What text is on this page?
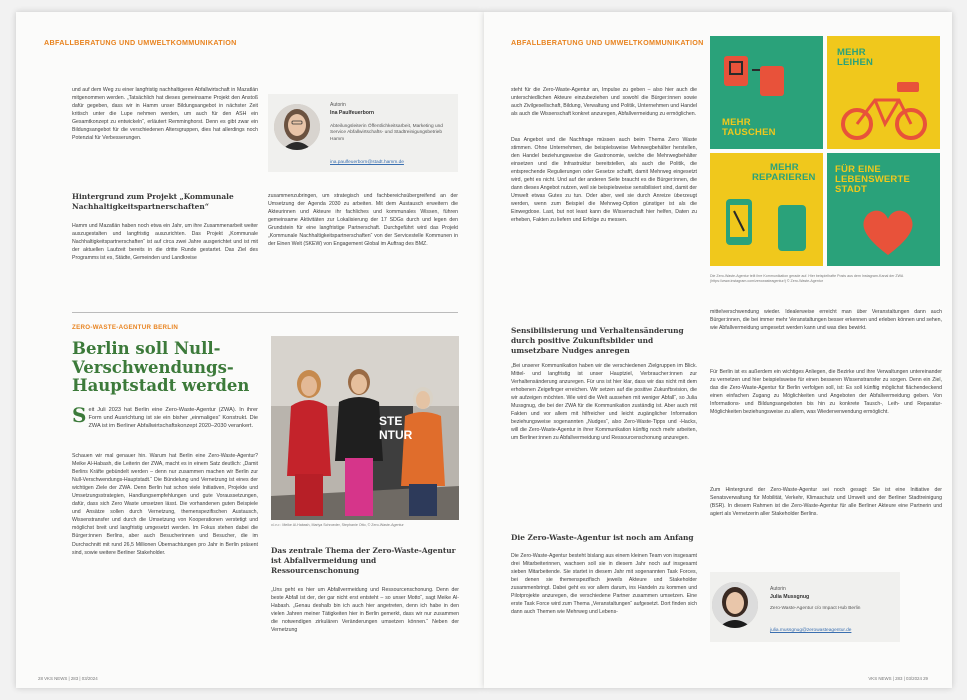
ABFALLBERATUNG UND UMWELTKOMMUNIKATION
und auf dem Weg zu einer langfristig nachhaltigeren Abfallwirtschaft in Mazatlán mitgenommen werden. „Tatsächlich hat dieses gemeinsame Projekt den Anstoß dafür gegeben, dass wir in Hamm unser Bildungsangebot in nächster Zeit kritisch unter die Lupe nehmen werden, um auch für den ASH ein Gesamtkonzept zu entwickeln“, erläutert Remminghorst. Denn es gibt zwar ein Bildungsangebot für die verschiedenen Altersgruppen, dies hat allerdings noch Potenzial für Verbesserungen.
Hintergrund zum Projekt „Kommunale Nachhaltigkeitspartnerschaften“
Hamm und Mazatlán haben noch etwa ein Jahr, um ihre Zusammenarbeit weiter auszugestalten und langfristig auszurichten. Das Projekt „Kommunale Nachhaltigkeitspartnerschaften“ ist auf circa zwei Jahre ausgerichtet und ist mit der aktuellen Laufzeit bereits in die dritte Runde gestartet. Das Ziel des Programms ist es, Städte, Gemeinden und Landkreise
Autorin
Ina Paulfeuerborn
Abteilungsleiterin Öffentlichkeitsarbeit, Marketing und Service Abfallwirtschafts- und Stadtreinigungsbetrieb Hamm
ina.paulfeuerborn@stadt.hamm.de
zusammenzubringen, um strategisch und fachbereichsübergreifend an der Umsetzung der Agenda 2030 zu arbeiten. Mit dem Austausch erweitern die Akteurinnen und Akteure ihr fachliches und kommunales Wissen, führen gemeinsame Aktivitäten zur Lokalisierung der 17 SDGs durch und legen den Grundstein für eine langfristige Partnerschaft. Durchgeführt wird das Projekt „Kommunale Nachhaltigkeitspartnerschaften“ von der Servicestelle Kommunen in der Einen Welt (SKEW) von Engagement Global im Auftrag des BMZ.
ZERO-WASTE-AGENTUR BERLIN
Berlin soll Null-Verschwendungs-Hauptstadt werden
Seit Juli 2023 hat Berlin eine Zero-Waste-Agentur (ZWA). In ihrer Form und Ausrichtung ist sie ein bisher „einmaliges“ Konstrukt. Die ZWA ist im Berliner Abfallwirtschaftskonzept 2020–2030 verankert.
Schauen wir mal genauer hin. Warum hat Berlin eine Zero-Waste-Agentur? Meike Al-Habash, die Leiterin der ZWA, macht es in einem Satz deutlich: „Damit Berlins Kräfte gebündelt werden – denn nur zusammen machen wir Berlin zur Null-Verschwendungs-Hauptstadt.“ Die Bündelung und Vernetzung ist eines der wichtigen Ziele der ZWA. Denn Berlin hat schon viele Initiativen, Projekte und Umsetzungsstrategien, Handlungsempfehlungen und gute Voraussetzungen, dafür, dass sich Zero Waste umsetzen lässt. Die vorhandenen guten Beispiele und Ansätze sollen durch Vernetzung, themenspezifischen Austausch, Wissenstransfer und durch die Umsetzung von Kooperationen verstetigt und möglichst breit und langfristig umgesetzt werden. Im Fokus stehen dabei die Bürger:innen Berlins, aber auch Besucherinnen und Besucher, die im Durchschnitt mit rund 26,5 Millionen Übernachtungen pro Jahr in Berlin präsent sind, sowie weitere Berliner Stakeholder.
STE
NTUR
v.l.n.r.: Meike Al-Habash, Mariya Schroeder, Stephanie Otto, © Zero-Waste-Agentur
Das zentrale Thema der Zero-Waste-Agentur ist Abfallvermeidung und Ressourcenschonung
„Uns geht es hier um Abfallvermeidung und Ressourcenschonung. Denn der beste Abfall ist der, der gar nicht erst entsteht – so unser Motto“, sagt Meike Al-Habash. „Genau deshalb bin ich auch hier angetreten, denn ich habe in den vielen Jahren meiner Tätigkeiten hier in Berlin gemerkt, dass wir nur zusammen die notwendigen zirkulären Veränderungen umsetzen können.“ Neben der Vernetzung
28 VKS NEWS | 283 | 03/2024
ABFALLBERATUNG UND UMWELTKOMMUNIKATION
steht für die Zero-Waste-Agentur an, Impulse zu geben – also hier auch die unterschiedlichen Akteure einzubeziehen und sowohl die Bürger:innen sowie auch Zivilgesellschaft, Bildung, Verwaltung und Politik, Unternehmen und Handel als auch die Wissenschaft konkret anzuregen, Abfallvermeidung zu ermöglichen.
Das Angebot und die Nachfrage müssen auch beim Thema Zero Waste stimmen. Ohne Unternehmen, die beispielsweise Mehrwegbehälter herstellen, den Handel beziehungsweise die Gastronomie, welche die Mehrwegbehälter einsetzen und die Infrastruktur bereitstellen, als auch die Politik, die entsprechende Regulierungen oder Gesetze schafft, damit Mehrweg eingesetzt wird, geht es nicht. Und auf der anderen Seite braucht es die Bürger:innen, die dann dieses Angebot nutzen, weil sie beispielsweise sensibilisiert sind, damit der Umwelt etwas Gutes zu tun. Oder aber, weil sie durch Anreize überzeugt werden, wenn zum Beispiel die Mehrweg-Option günstiger ist als die Einwegdose. Last, but not least kann die Wissenschaft hier helfen, Daten zu erheben, Fakten zu liefern und Erfolge zu messen.
Sensibilisierung und Verhaltensänderung durch positive Zukunftsbilder und umsetzbare Nudges anregen
„Bei unserer Kommunikation haben wir die verschiedenen Zielgruppen im Blick. Mittel- und langfristig ist unser Hauptziel, Verbraucher:innen zur Verhaltensänderung anzuregen. Für uns ist hier klar, dass wir das nicht mit dem erhobenen Zeigefinger erreichen. Wir setzen auf die positive Zukunftsvision, die wir aufzeigen möchten. Wie wird die Welt aussehen mit weniger Abfall“, so Julia Mussgnug, die bei der ZWA für die Kommunikation zuständig ist. Aber auch mit Fakten und vor allem mit hilfreicher und leicht zugänglicher Information beziehungsweise sogenannten „Nudges“, also Zero-Waste-Tipps und -Hacks, will die Zero-Waste-Agentur in ihrer Kommunikation künftig noch mehr arbeiten, um Berliner:innen zu Abfallvermeidung und Ressourcenschonung anzuregen.
Die Zero-Waste-Agentur ist noch am Anfang
Die Zero-Waste-Agentur besteht bislang aus einem kleinen Team von insgesamt drei Mitarbeiterinnen, wachsen soll sie in diesem Jahr noch auf insgesamt sieben Mitarbeitende. Sie startet in diesem Jahr mit sogenannten Task Forces, bei denen sie themenspezifisch jeweils Akteure und Stakeholder zusammenbringt. Dabei geht es vor allem darum, ins Handeln zu kommen und Pilotprojekte anzuregen, die verschiedene Partner zusammen umsetzen. Eine erste Task Force wird zum Thema „Veranstaltungen“ aufgesetzt. Dort finden sich dann auch Themen wie Mehrweg und Lebens-
MEHR
TAUSCHEN
MEHR
LEIHEN
MEHR
REPARIEREN
FÜR EINE
LEBENSWERTE
STADT
Die Zero-Waste-Agentur teilt ihre Kommunikation gerade auf. Hier beispielhafte Posts aus dem Instagram-Kanal der ZWA (https://www.instagram.com/zerowasteagentur/) © Zero-Waste-Agentur
mitteIverschwendung wieder. Idealerweise erreicht man über Veranstaltungen dann auch Bürger:innen, die bei immer mehr Veranstaltungen besser erkennen und erleben können und sehen, wie Abfallvermeidung umgesetzt werden kann und was dies bewirkt.
Für Berlin ist es außerdem ein wichtiges Anliegen, die Bezirke und ihre Verwaltungen untereinander zu vernetzen und hier beispielsweise für einen besseren Wissenstransfer zu sorgen. Denn ein Ziel, das die Zero-Waste-Agentur für Berlin verfolgen soll, ist: Es soll künftig möglichst flächendeckend einen einfachen Zugang zu Möglichkeiten und Angeboten der Abfallvermeidung geben. Von Informations- und Bildungsangeboten bis hin zu konkrete Tausch-, Leih- und Reparatur-Möglichkeiten beziehungsweise zu allem, was Wiederverwendung ermöglicht.
Zum Hintergrund der Zero-Waste-Agentur sei noch gesagt: Sie ist eine Initiative der Senatsverwaltung für Mobilität, Verkehr, Klimaschutz und Umwelt und der Berliner Stadtreinigung (BSR). In diesem Rahmen ist die Zero-Waste-Agentur für alle Berliner Akteure eine Partnerin und agiert als Vernetzerin aller Stakeholder Berlins.
Autorin
Julia Mussgnug
Zero-Waste-Agentur c/o Impact Hub Berlin
julia.mussgnug@zerowasteagentur.de
VKS NEWS | 283 | 03/2024 29
